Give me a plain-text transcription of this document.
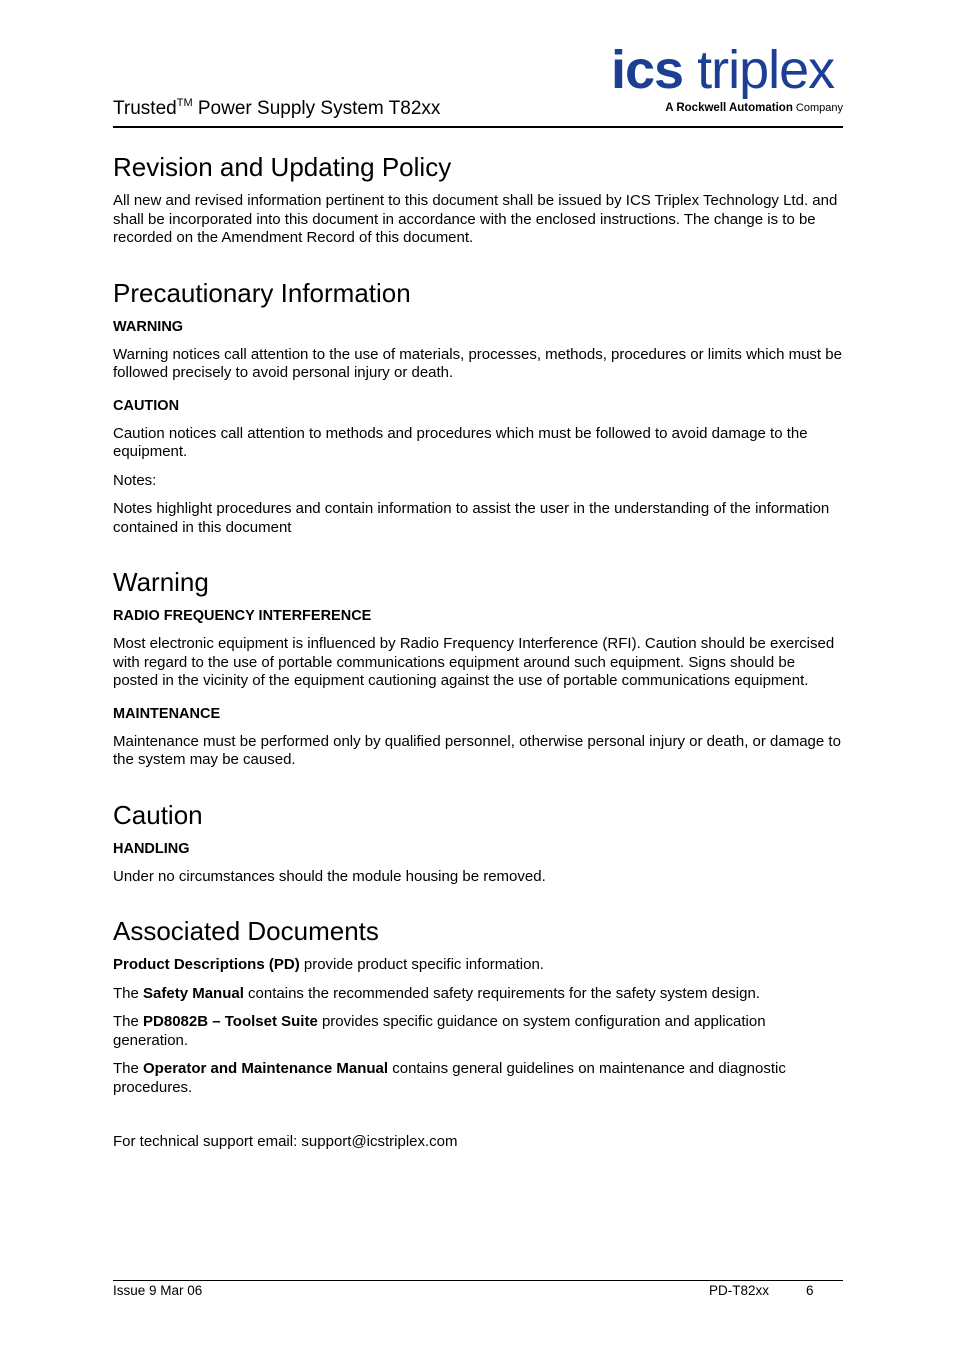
Trusted™ Power Supply System T82xx
ics triplex
A Rockwell Automation Company
Revision and Updating Policy

All new and revised information pertinent to this document shall be issued by ICS Triplex Technology Ltd. and shall be incorporated into this document in accordance with the enclosed instructions. The change is to be recorded on the Amendment Record of this document.

Precautionary Information
WARNING

Warning notices call attention to the use of materials, processes, methods, procedures or limits which must be followed precisely to avoid personal injury or death.

CAUTION

Caution notices call attention to methods and procedures which must be followed to avoid damage to the equipment.

Notes:

Notes highlight procedures and contain information to assist the user in the understanding of the information contained in this document

Warning
RADIO FREQUENCY INTERFERENCE

Most electronic equipment is influenced by Radio Frequency Interference (RFI). Caution should be exercised with regard to the use of portable communications equipment around such equipment. Signs should be posted in the vicinity of the equipment cautioning against the use of portable communications equipment.

MAINTENANCE

Maintenance must be performed only by qualified personnel, otherwise personal injury or death, or damage to the system may be caused.

Caution
HANDLING

Under no circumstances should the module housing be removed.

Associated Documents

Product Descriptions (PD) provide product specific information.

The Safety Manual contains the recommended safety requirements for the safety system design.

The PD8082B – Toolset Suite provides specific guidance on system configuration and application generation.

The Operator and Maintenance Manual contains general guidelines on maintenance and diagnostic procedures.

For technical support email: support@icstriplex.com

Issue 9 Mar 06	PD-T82xx	6
